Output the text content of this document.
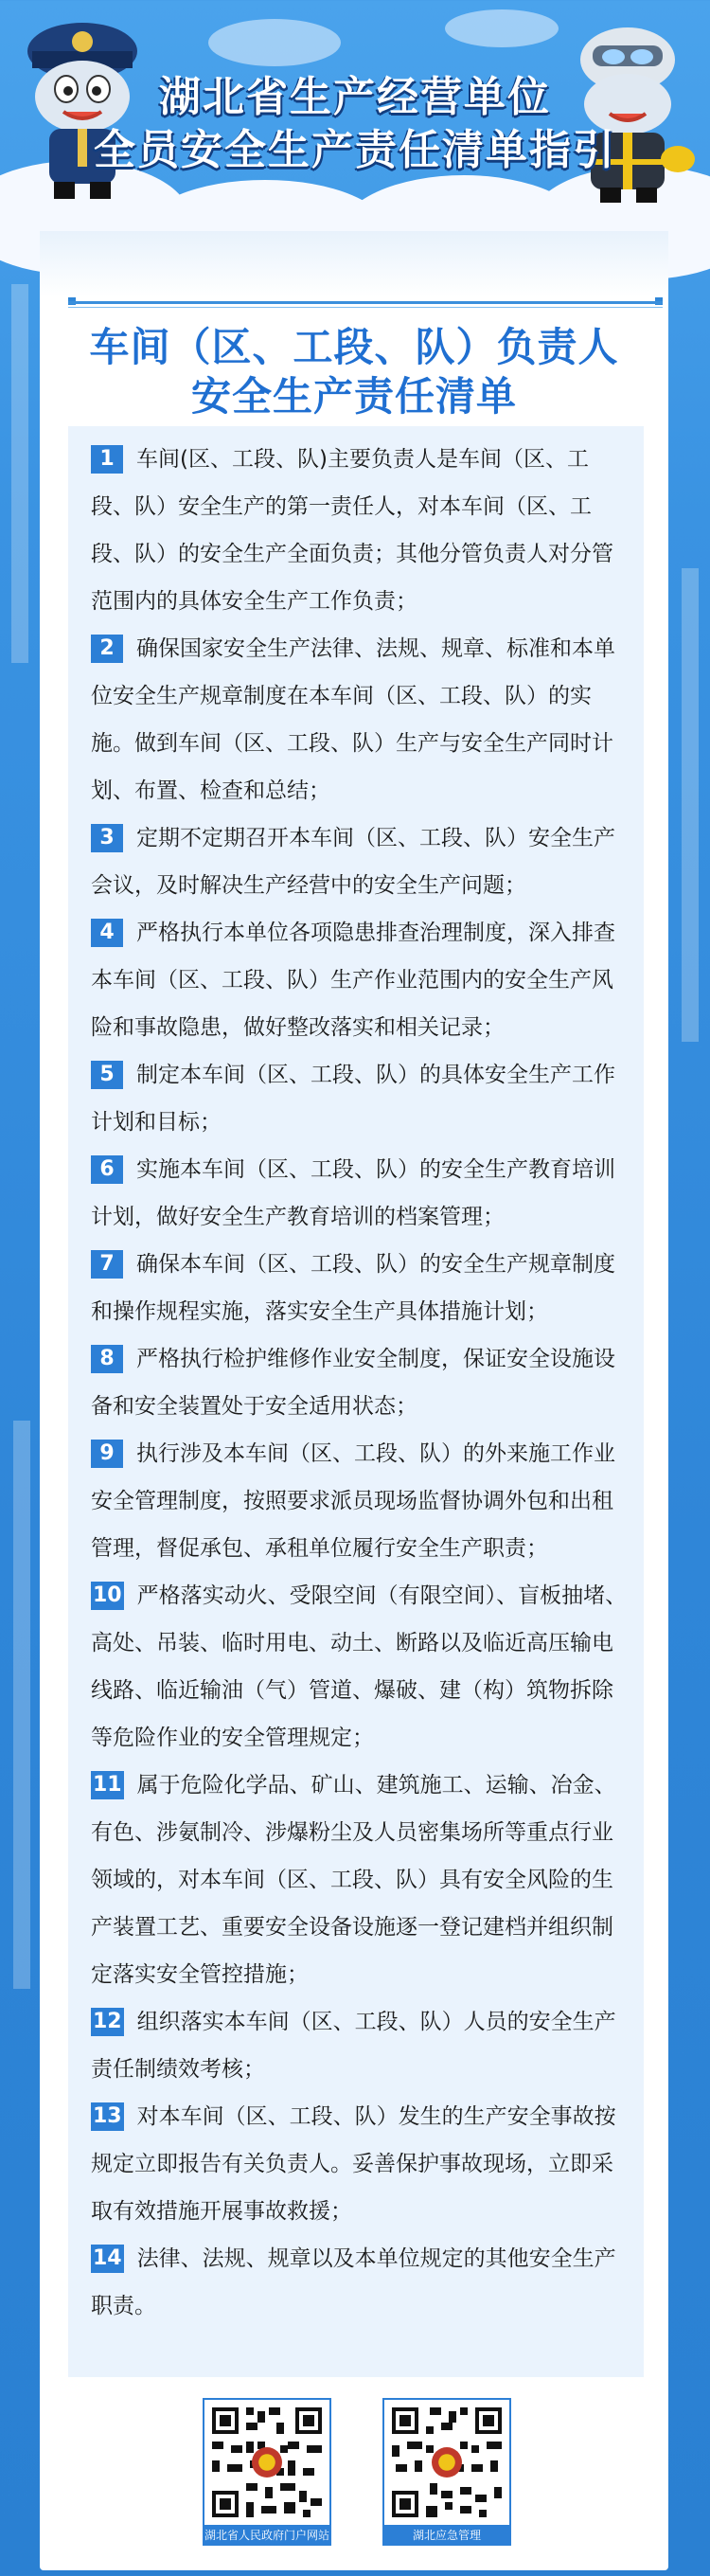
湖北省生产经营单位
全员安全生产责任清单指引
车间（区、工段、队）负责人
安全生产责任清单
1 车间(区、工段、队)主要负责人是车间（区、工段、队）安全生产的第一责任人，对本车间（区、工段、队）的安全生产全面负责；其他分管负责人对分管范围内的具体安全生产工作负责；
2 确保国家安全生产法律、法规、规章、标准和本单位安全生产规章制度在本车间（区、工段、队）的实施。做到车间（区、工段、队）生产与安全生产同时计划、布置、检查和总结；
3 定期不定期召开本车间（区、工段、队）安全生产会议，及时解决生产经营中的安全生产问题；
4 严格执行本单位各项隐患排查治理制度，深入排查本车间（区、工段、队）生产作业范围内的安全生产风险和事故隐患，做好整改落实和相关记录；
5 制定本车间（区、工段、队）的具体安全生产工作计划和目标；
6 实施本车间（区、工段、队）的安全生产教育培训计划，做好安全生产教育培训的档案管理；
7 确保本车间（区、工段、队）的安全生产规章制度和操作规程实施，落实安全生产具体措施计划；
8 严格执行检护维修作业安全制度，保证安全设施设备和安全装置处于安全适用状态；
9 执行涉及本车间（区、工段、队）的外来施工作业安全管理制度，按照要求派员现场监督协调外包和出租管理，督促承包、承租单位履行安全生产职责；
10 严格落实动火、受限空间（有限空间）、盲板抽堵、高处、吊装、临时用电、动土、断路以及临近高压输电线路、临近输油（气）管道、爆破、建（构）筑物拆除等危险作业的安全管理规定；
11 属于危险化学品、矿山、建筑施工、运输、冶金、有色、涉氨制冷、涉爆粉尘及人员密集场所等重点行业领域的，对本车间（区、工段、队）具有安全风险的生产装置工艺、重要安全设备设施逐一登记建档并组织制定落实安全管控措施；
12 组织落实本车间（区、工段、队）人员的安全生产责任制绩效考核；
13 对本车间（区、工段、队）发生的生产安全事故按规定立即报告有关负责人。妥善保护事故现场，立即采取有效措施开展事故救援；
14 法律、法规、规章以及本单位规定的其他安全生产职责。
湖北省人民政府门户网站	湖北应急管理
